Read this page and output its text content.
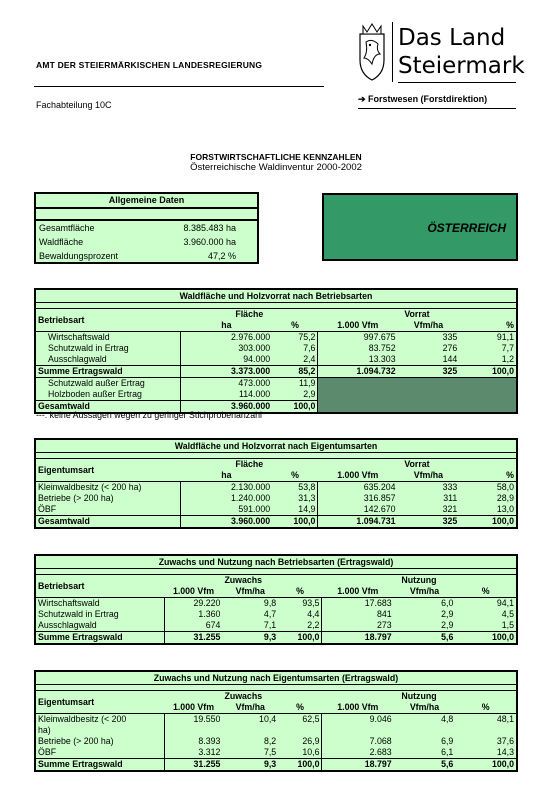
Das Land
Steiermark
AMT DER STEIERMÄRKISCHEN LANDESREGIERUNG
Fachabteilung 10C
➔ Forstwesen (Forstdirektion)
FORSTWIRTSCHAFTLICHE KENNZAHLEN
Österreichische Waldinventur 2000-2002
Allgemeine Daten
Gesamtfläche	8.385.483 ha
Waldfläche	3.960.000 ha
Bewaldungsprozent	47,2 %
ÖSTERREICH
Waldfläche und Holzvorrat nach Betriebsarten					

Betriebsart	Fläche		Vorrat		
	ha	%	1.000 Vfm	Vfm/ha	%
Wirtschaftswald	2.976.000	75,2	997.675	335	91,1
Schutzwald in Ertrag	303.000	7,6	83.752	276	7,7
Ausschlagwald	94.000	2,4	13.303	144	1,2
Summe Ertragswald	3.373.000	85,2	1.094.732	325	100,0
Schutzwald außer Ertrag	473.000	11,9			
Holzboden außer Ertrag	114.000	2,9			
Gesamtwald	3.960.000	100,0			
---: keine Aussagen wegen zu geringer Stichprobenanzahl
Waldfläche und Holzvorrat nach Eigentumsarten					

Eigentumsart	Fläche		Vorrat		
	ha	%	1.000 Vfm	Vfm/ha	%
Kleinwaldbesitz (< 200 ha)	2.130.000	53,8	635.204	333	58,0
Betriebe (> 200 ha)	1.240.000	31,3	316.857	311	28,9
ÖBF	591.000	14,9	142.670	321	13,0
Gesamtwald	3.960.000	100,0	1.094.731	325	100,0
Zuwachs und Nutzung nach Betriebsarten (Ertragswald)						

Betriebsart	Zuwachs			Nutzung		
	1.000 Vfm	Vfm/ha	%	1.000 Vfm	Vfm/ha	%
Wirtschaftswald	29.220	9,8	93,5	17.683	6,0	94,1
Schutzwald in Ertrag	1.360	4,7	4,4	841	2,9	4,5
Ausschlagwald	674	7,1	2,2	273	2,9	1,5
Summe Ertragswald	31.255	9,3	100,0	18.797	5,6	100,0
Zuwachs und Nutzung nach Eigentumsarten (Ertragswald)						

Eigentumsart	Zuwachs			Nutzung		
	1.000 Vfm	Vfm/ha	%	1.000 Vfm	Vfm/ha	%
Kleinwaldbesitz (< 200	19.550	10,4	62,5	9.046	4,8	48,1
ha)						
Betriebe (> 200 ha)	8.393	8,2	26,9	7.068	6,9	37,6
ÖBF	3.312	7,5	10,6	2.683	6,1	14,3
Summe Ertragswald	31.255	9,3	100,0	18.797	5,6	100,0
